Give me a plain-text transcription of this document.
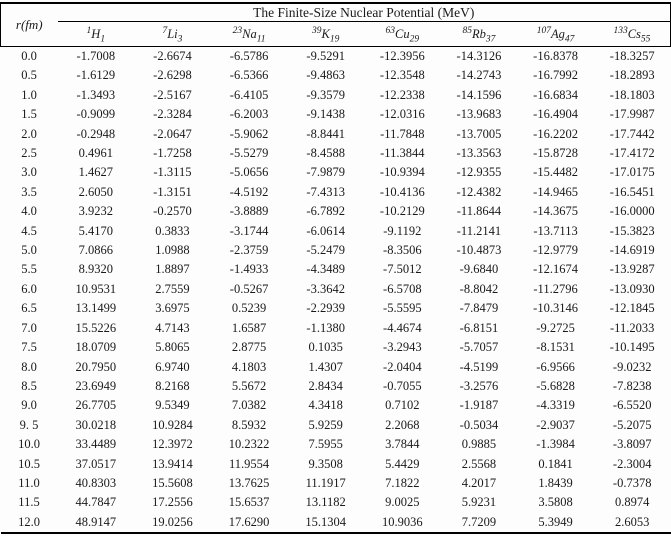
r(fm)	The Finite-Size Nuclear Potential (MeV)							
	$^1H_1$	$^7Li_3$	$^{23}Na_{11}$	$^{39}K_{19}$	$^{63}Cu_{29}$	$^{85}Rb_{37}$	$^{107}Ag_{47}$	$^{133}Cs_{55}$
0.0	-1.7008	-2.6674	-6.5786	-9.5291	-12.3956	-14.3126	-16.8378	-18.3257
0.5	-1.6129	-2.6298	-6.5366	-9.4863	-12.3548	-14.2743	-16.7992	-18.2893
1.0	-1.3493	-2.5167	-6.4105	-9.3579	-12.2338	-14.1596	-16.6834	-18.1803
1.5	-0.9099	-2.3284	-6.2003	-9.1438	-12.0316	-13.9683	-16.4904	-17.9987
2.0	-0.2948	-2.0647	-5.9062	-8.8441	-11.7848	-13.7005	-16.2202	-17.7442
2.5	0.4961	-1.7258	-5.5279	-8.4588	-11.3844	-13.3563	-15.8728	-17.4172
3.0	1.4627	-1.3115	-5.0656	-7.9879	-10.9394	-12.9355	-15.4482	-17.0175
3.5	2.6050	-1.3151	-4.5192	-7.4313	-10.4136	-12.4382	-14.9465	-16.5451
4.0	3.9232	-0.2570	-3.8889	-6.7892	-10.2129	-11.8644	-14.3675	-16.0000
4.5	5.4170	0.3833	-3.1744	-6.0614	-9.1192	-11.2141	-13.7113	-15.3823
5.0	7.0866	1.0988	-2.3759	-5.2479	-8.3506	-10.4873	-12.9779	-14.6919
5.5	8.9320	1.8897	-1.4933	-4.3489	-7.5012	-9.6840	-12.1674	-13.9287
6.0	10.9531	2.7559	-0.5267	-3.3642	-6.5708	-8.8042	-11.2796	-13.0930
6.5	13.1499	3.6975	0.5239	-2.2939	-5.5595	-7.8479	-10.3146	-12.1845
7.0	15.5226	4.7143	1.6587	-1.1380	-4.4674	-6.8151	-9.2725	-11.2033
7.5	18.0709	5.8065	2.8775	0.1035	-3.2943	-5.7057	-8.1531	-10.1495
8.0	20.7950	6.9740	4.1803	1.4307	-2.0404	-4.5199	-6.9566	-9.0232
8.5	23.6949	8.2168	5.5672	2.8434	-0.7055	-3.2576	-5.6828	-7.8238
9.0	26.7705	9.5349	7.0382	4.3418	0.7102	-1.9187	-4.3319	-6.5520
9. 5	30.0218	10.9284	8.5932	5.9259	2.2068	-0.5034	-2.9037	-5.2075
10.0	33.4489	12.3972	10.2322	7.5955	3.7844	0.9885	-1.3984	-3.8097
10.5	37.0517	13.9414	11.9554	9.3508	5.4429	2.5568	0.1841	-2.3004
11.0	40.8303	15.5608	13.7625	11.1917	7.1822	4.2017	1.8439	-0.7378
11.5	44.7847	17.2556	15.6537	13.1182	9.0025	5.9231	3.5808	0.8974
12.0	48.9147	19.0256	17.6290	15.1304	10.9036	7.7209	5.3949	2.6053
